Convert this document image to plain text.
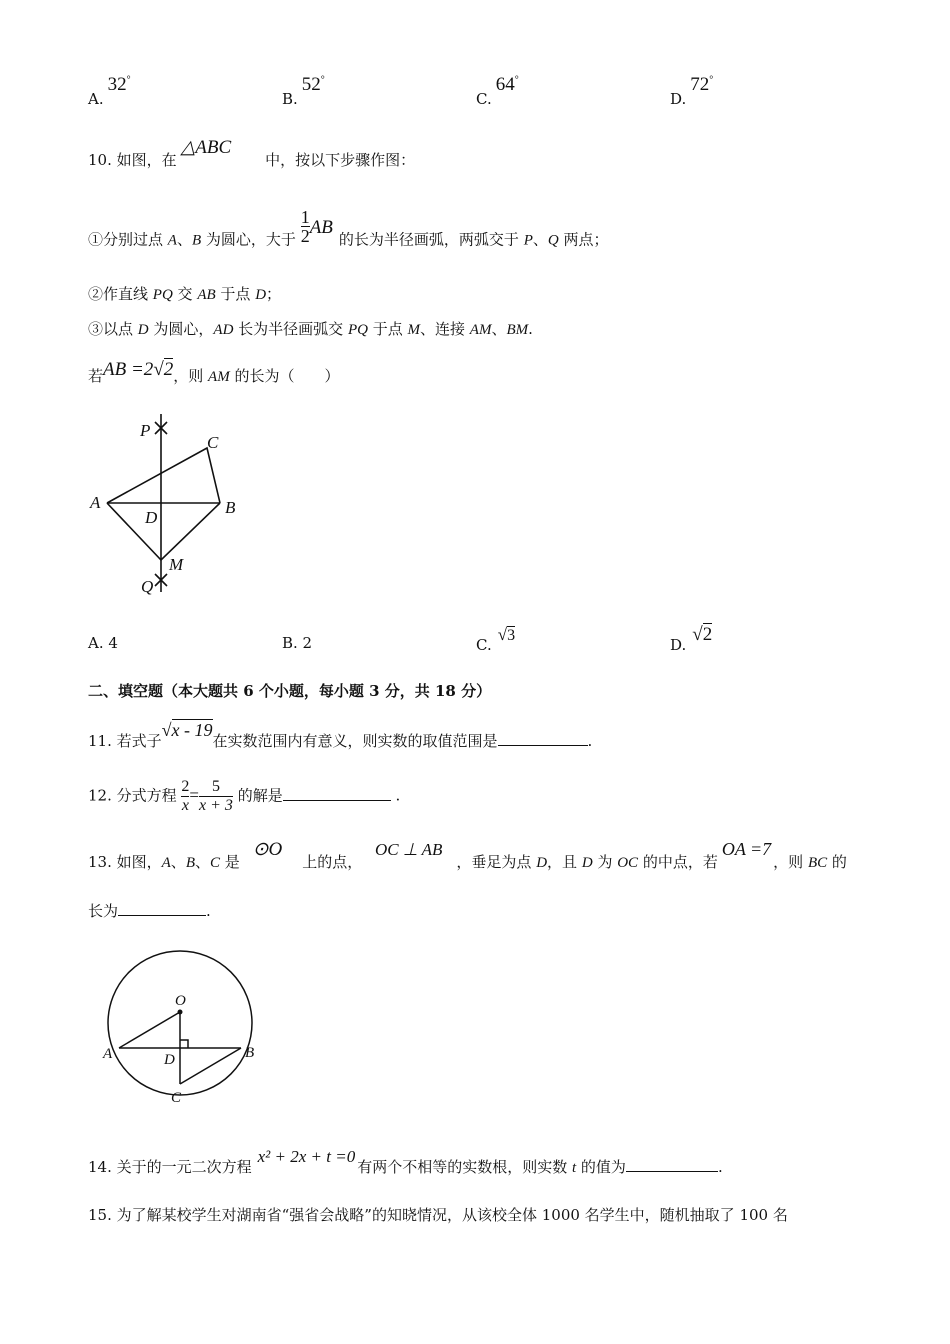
A.32°
B.52°
C.64°
D.72°
10. 如图，在△ABC中，按以下步骤作图：
①分别过点 A、B 为圆心，大于 $\frac{1}{2}$ AB的长为半径画弧，两弧交于 P、Q 两点；
②作直线 PQ 交 AB 于点 D；
③以点 D 为圆心，AD 长为半径画弧交 PQ 于点 M、连接 AM、BM.
若AB =2√2，则 AM 的长为（　　）
P
C
A	B
D
M
Q
A. 4	B. 2	C.√3
D. √2
二、填空题（本大题共 6 个小题，每小题 3 分，共 18 分）
11. 若式子√x - 19在实数范围内有意义，则实数的取值范围是	.
12. 分式方程 $\frac{2}{x} = \frac{5}{x + 3}$ 的解是	.
13. 如图，A、B、C 是 ⊙O上的点， OC ⊥ AB，垂足为点 D，且 D 为 OC 的中点，若OA =7，则 BC 的
长为	.
O
A	B
D
C
14. 关于的一元二次方程x² + 2x + t =0有两个不相等的实数根，则实数 t 的值为	.
15. 为了解某校学生对湖南省“强省会战略”的知晓情况，从该校全体 1000 名学生中，随机抽取了 100 名
